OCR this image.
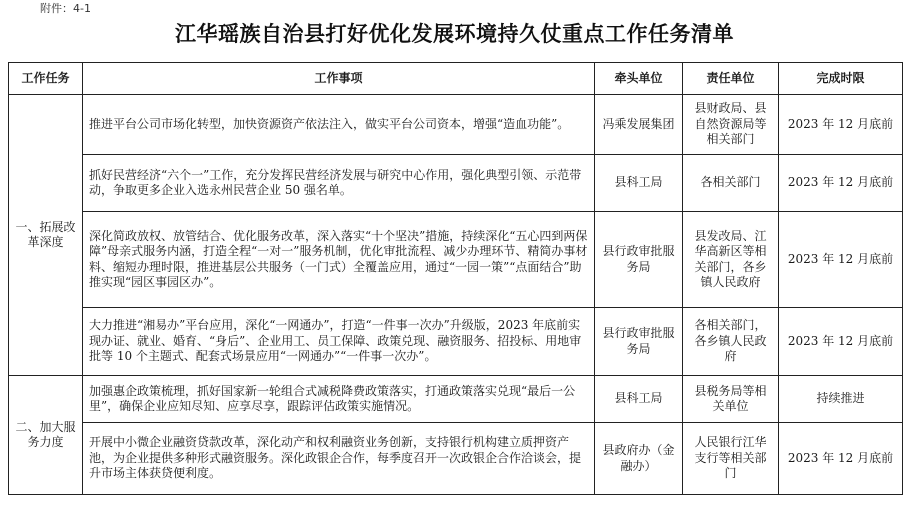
附件：4-1
江华瑶族自治县打好优化发展环境持久仗重点工作任务清单
工作任务	工作事项	牵头单位	责任单位	完成时限
一、拓展改革深度	推进平台公司市场化转型，加快资源资产依法注入，做实平台公司资本，增强“造血功能”。	冯乘发展集团	县财政局、县自然资源局等相关部门	2023 年 12 月底前
	抓好民营经济“六个一”工作，充分发挥民营经济发展与研究中心作用，强化典型引领、示范带动，争取更多企业入选永州民营企业 50 强名单。	县科工局	各相关部门	2023 年 12 月底前
	深化简政放权、放管结合、优化服务改革，深入落实“十个坚决”措施，持续深化“五心四到两保障”母亲式服务内涵，打造全程“一对一”服务机制，优化审批流程、减少办理环节、精简办事材料、缩短办理时限，推进基层公共服务（一门式）全覆盖应用，通过“一园一策”“点面结合”助推实现“园区事园区办”。	县行政审批服务局	县发改局、江华高新区等相关部门，各乡镇人民政府	2023 年 12 月底前
	大力推进“湘易办”平台应用，深化“一网通办”，打造“一件事一次办”升级版，2023 年底前实现办证、就业、婚育、“身后”、企业用工、员工保障、政策兑现、融资服务、招投标、用地审批等 10 个主题式、配套式场景应用“一网通办”“一件事一次办”。	县行政审批服务局	各相关部门，各乡镇人民政府	2023 年 12 月底前
二、加大服务力度	加强惠企政策梳理，抓好国家新一轮组合式减税降费政策落实，打通政策落实兑现“最后一公里”，确保企业应知尽知、应享尽享，跟踪评估政策实施情况。	县科工局	县税务局等相关单位	持续推进
	开展中小微企业融资贷款改革，深化动产和权利融资业务创新，支持银行机构建立质押资产池，为企业提供多种形式融资服务。深化政银企合作，每季度召开一次政银企合作洽谈会，提升市场主体获贷便利度。	县政府办（金融办）	人民银行江华支行等相关部门	2023 年 12 月底前
